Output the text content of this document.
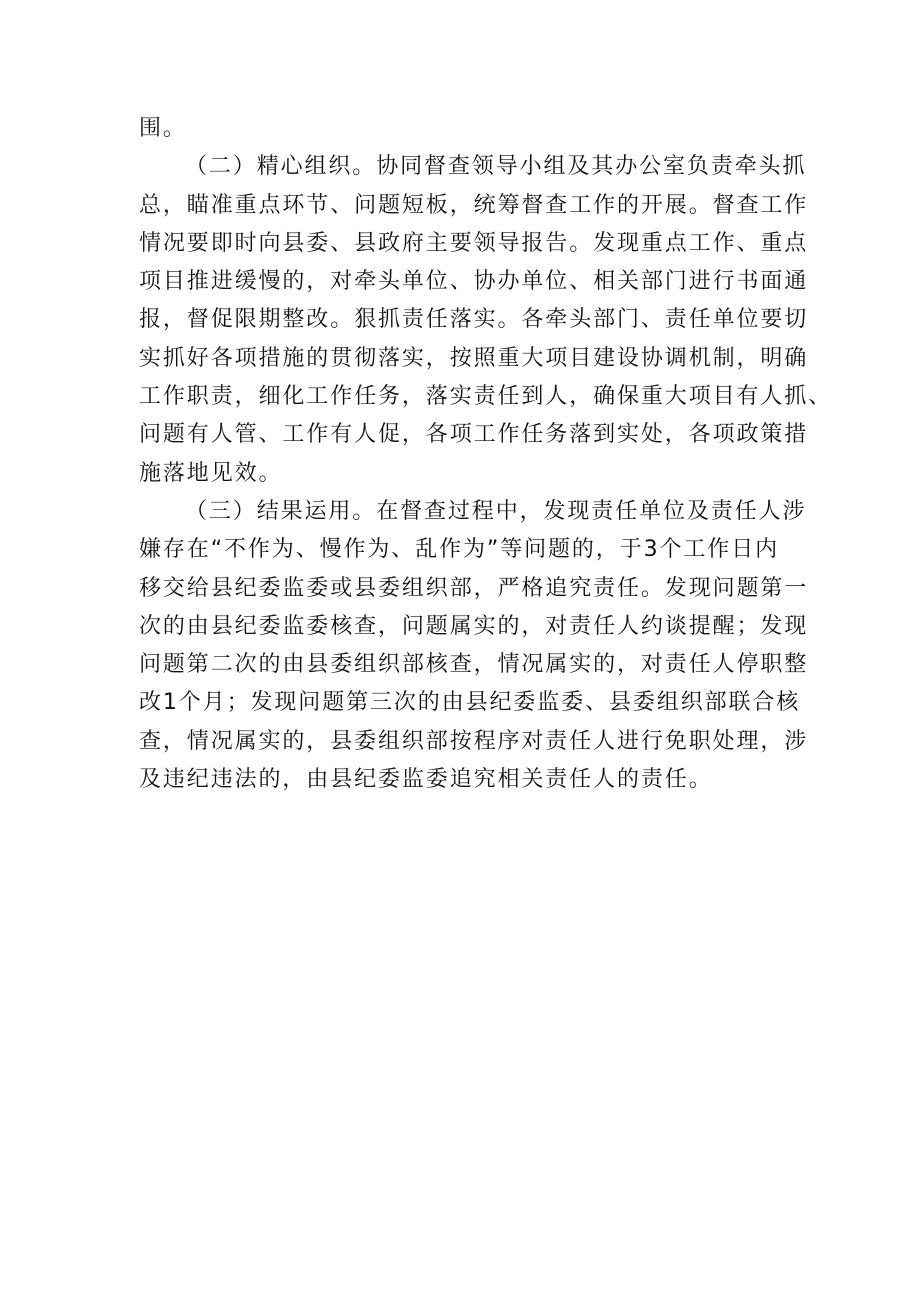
围。
（二）精心组织。协同督查领导小组及其办公室负责牵头抓
总，瞄准重点环节、问题短板，统筹督查工作的开展。督查工作
情况要即时向县委、县政府主要领导报告。发现重点工作、重点
项目推进缓慢的，对牵头单位、协办单位、相关部门进行书面通
报，督促限期整改。狠抓责任落实。各牵头部门、责任单位要切
实抓好各项措施的贯彻落实，按照重大项目建设协调机制，明确
工作职责，细化工作任务，落实责任到人，确保重大项目有人抓、
问题有人管、工作有人促，各项工作任务落到实处，各项政策措
施落地见效。
（三）结果运用。在督查过程中，发现责任单位及责任人涉
嫌存在“不作为、慢作为、乱作为”等问题的，于3个工作日内
移交给县纪委监委或县委组织部，严格追究责任。发现问题第一
次的由县纪委监委核查，问题属实的，对责任人约谈提醒；发现
问题第二次的由县委组织部核查，情况属实的，对责任人停职整
改1个月；发现问题第三次的由县纪委监委、县委组织部联合核
查，情况属实的，县委组织部按程序对责任人进行免职处理，涉
及违纪违法的，由县纪委监委追究相关责任人的责任。
